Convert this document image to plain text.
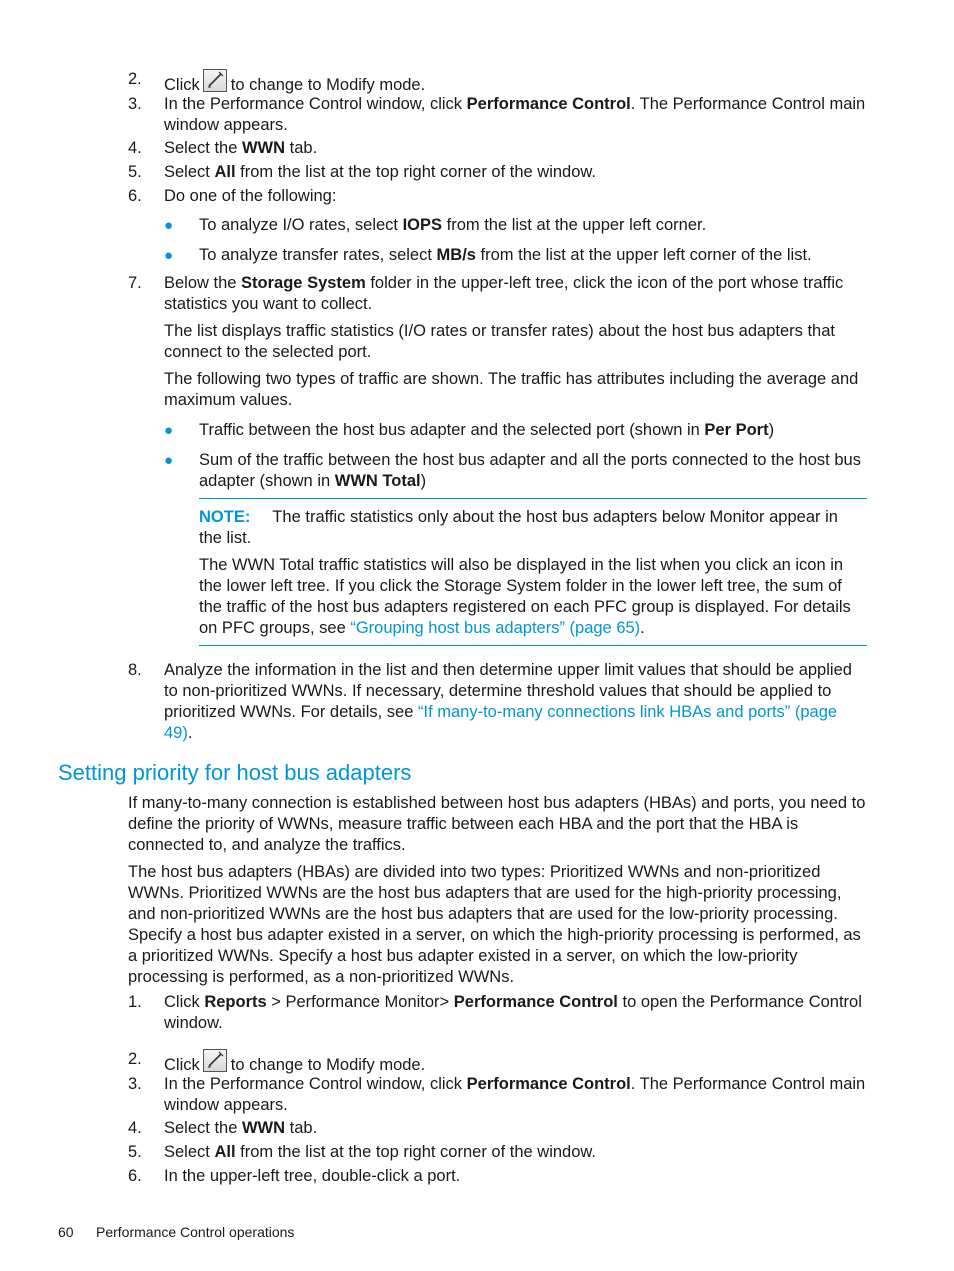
2.	Click to change to Modify mode.
3.	In the Performance Control window, click Performance Control. The Performance Control main window appears.
4.	Select the WWN tab.
5.	Select All from the list at the top right corner of the window.
6.	Do one of the following:
● To analyze I/O rates, select IOPS from the list at the upper left corner.
● To analyze transfer rates, select MB/s from the list at the upper left corner of the list.
7.	Below the Storage System folder in the upper-left tree, click the icon of the port whose traffic statistics you want to collect.
The list displays traffic statistics (I/O rates or transfer rates) about the host bus adapters that connect to the selected port.
The following two types of traffic are shown. The traffic has attributes including the average and maximum values.
● Traffic between the host bus adapter and the selected port (shown in Per Port)
● Sum of the traffic between the host bus adapter and all the ports connected to the host bus adapter (shown in WWN Total)
NOTE: The traffic statistics only about the host bus adapters below Monitor appear in the list.
The WWN Total traffic statistics will also be displayed in the list when you click an icon in the lower left tree. If you click the Storage System folder in the lower left tree, the sum of the traffic of the host bus adapters registered on each PFC group is displayed. For details on PFC groups, see “Grouping host bus adapters” (page 65).
8.	Analyze the information in the list and then determine upper limit values that should be applied to non-prioritized WWNs. If necessary, determine threshold values that should be applied to prioritized WWNs. For details, see “If many-to-many connections link HBAs and ports” (page 49).
Setting priority for host bus adapters
If many-to-many connection is established between host bus adapters (HBAs) and ports, you need to define the priority of WWNs, measure traffic between each HBA and the port that the HBA is connected to, and analyze the traffics.
The host bus adapters (HBAs) are divided into two types: Prioritized WWNs and non-prioritized WWNs. Prioritized WWNs are the host bus adapters that are used for the high-priority processing, and non-prioritized WWNs are the host bus adapters that are used for the low-priority processing. Specify a host bus adapter existed in a server, on which the high-priority processing is performed, as a prioritized WWNs. Specify a host bus adapter existed in a server, on which the low-priority processing is performed, as a non-prioritized WWNs.
1.	Click Reports > Performance Monitor> Performance Control to open the Performance Control window.
2.	Click to change to Modify mode.
3.	In the Performance Control window, click Performance Control. The Performance Control main window appears.
4.	Select the WWN tab.
5.	Select All from the list at the top right corner of the window.
6.	In the upper-left tree, double-click a port.
60 Performance Control operations
